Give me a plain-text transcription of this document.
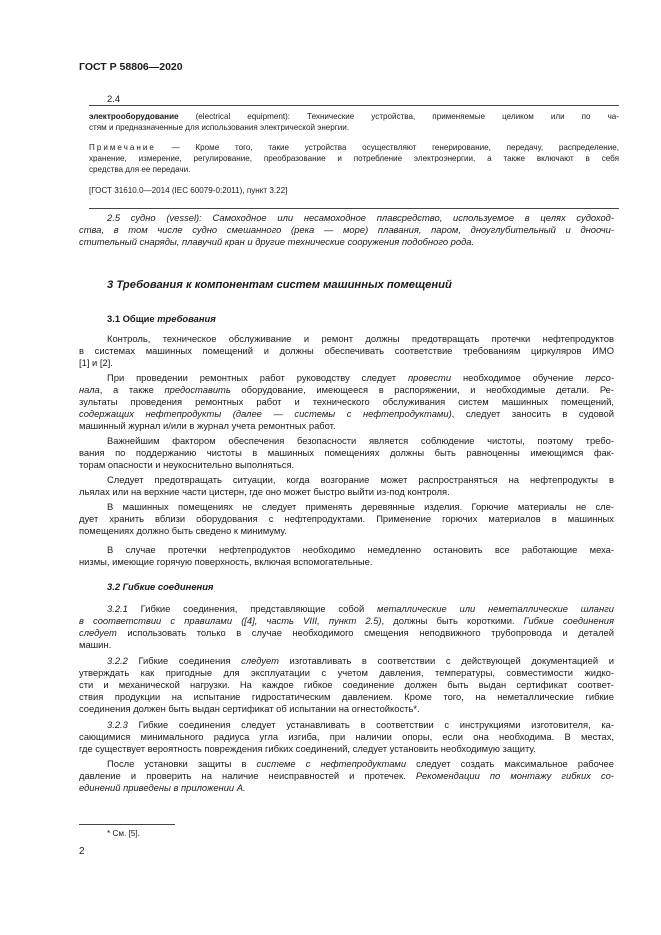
ГОСТ Р 58806—2020
2.4

электрооборудование (electrical equipment): Технические устройства, применяемые целиком или по ча-
стям и предназначенные для использования электрической энергии.

Примечание — Кроме того, такие устройства осуществляют генерирование, передачу, распределение,
хранение, измерение, регулирование, преобразование и потребление электроэнергии, а также включают в себя
средства для ее передачи.

[ГОСТ 31610.0—2014 (IEC 60079-0:2011), пункт 3.22]

2.5 судно (vessel): Самоходное или несамоходное плавсредство, используемое в целях судоход-
ства, в том числе судно смешанного (река — море) плавания, паром, дноуглубительный и дноочи-
стительный снаряды, плавучий кран и другие технические сооружения подобного рода.

3 Требования к компонентам систем машинных помещений
3.1 Общие требования

Контроль, техническое обслуживание и ремонт должны предотвращать протечки нефтепродуктов
в системах машинных помещений и должны обеспечивать соответствие требованиям циркуляров ИМО
[1] и [2].

При проведении ремонтных работ руководству следует провести необходимое обучение персо-
нала, а также предоставить оборудование, имеющееся в распоряжении, и необходимые детали. Ре-
зультаты проведения ремонтных работ и технического обслуживания систем машинных помещений,
содержащих нефтепродукты (далее — системы с нефтепродуктами), следует заносить в судовой
машинный журнал и/или в журнал учета ремонтных работ.

Важнейшим фактором обеспечения безопасности является соблюдение чистоты, поэтому требо-
вания по поддержанию чистоты в машинных помещениях должны быть равноценны имеющимся фак-
торам опасности и неукоснительно выполняться.

Следует предотвращать ситуации, когда возгорание может распространяться на нефтепродукты в
льялах или на верхние части цистерн, где оно может быстро выйти из-под контроля.

В машинных помещениях не следует применять деревянные изделия. Горючие материалы не сле-
дует хранить вблизи оборудования с нефтепродуктами. Применение горючих материалов в машинных
помещениях должно быть сведено к минимуму.

В случае протечки нефтепродуктов необходимо немедленно остановить все работающие меха-
низмы, имеющие горячую поверхность, включая вспомогательные.

3.2 Гибкие соединения

3.2.1 Гибкие соединения, представляющие собой металлические или неметаллические шланги
в соответствии с правилами ([4], часть VIII, пункт 2.5), должны быть короткими. Гибкие соединения
следует использовать только в случае необходимого смещения неподвижного трубопровода и деталей
машин.

3.2.2 Гибкие соединения следует изготавливать в соответствии с действующей документацией и
утверждать как пригодные для эксплуатации с учетом давления, температуры, совместимости жидко-
сти и механической нагрузки. На каждое гибкое соединение должен быть выдан сертификат соответ-
ствия продукции на испытание гидростатическим давлением. Кроме того, на неметаллические гибкие
соединения должен быть выдан сертификат об испытании на огнестойкость*.

3.2.3 Гибкие соединения следует устанавливать в соответствии с инструкциями изготовителя, ка-
сающимися минимального радиуса угла изгиба, при наличии опоры, если она необходима. В местах,
где существует вероятность повреждения гибких соединений, следует установить необходимую защиту.

После установки защиты в системе с нефтепродуктами следует создать максимальное рабочее
давление и проверить на наличие неисправностей и протечек. Рекомендации по монтажу гибких со-
единений приведены в приложении А.

* См. [5].
2
